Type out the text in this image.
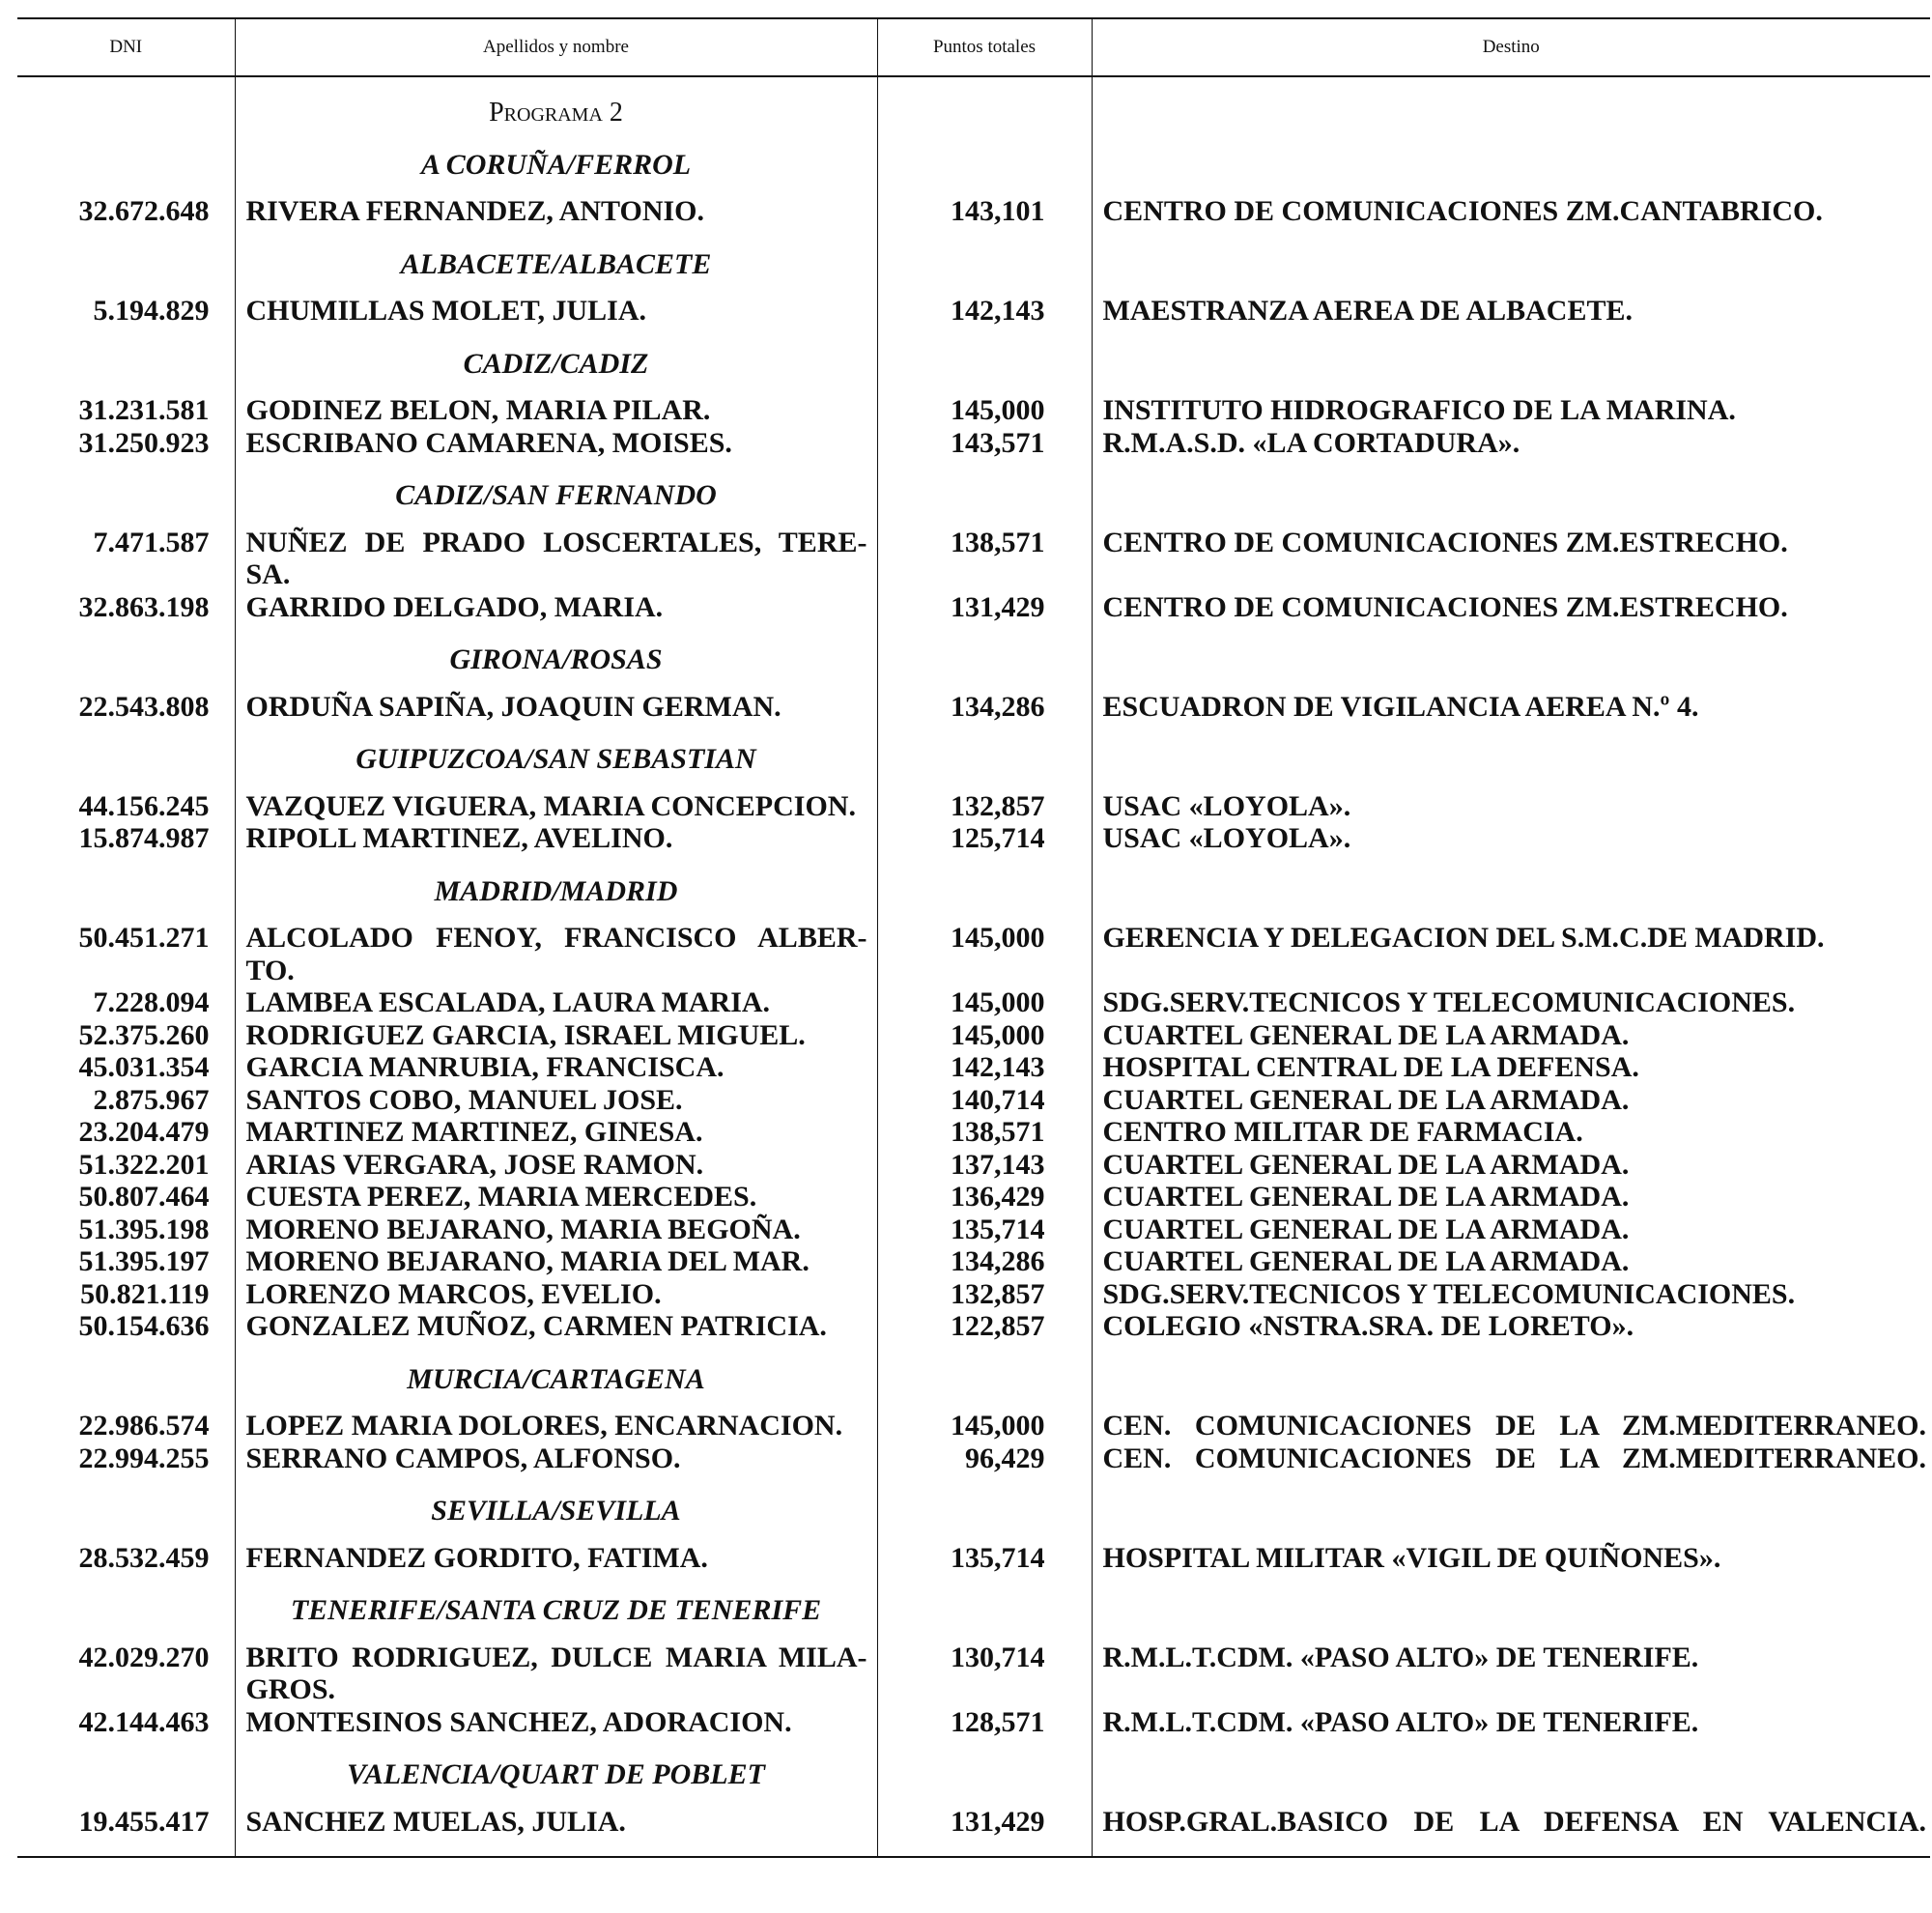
DNI	Apellidos y nombre	Puntos totales	Destino

	Programa 2		

	A CORUÑA/FERROL		

32.672.648	RIVERA FERNANDEZ, ANTONIO.	143,101	CENTRO DE COMUNICACIONES ZM.CANTABRICO.

	ALBACETE/ALBACETE		

5.194.829	CHUMILLAS MOLET, JULIA.	142,143	MAESTRANZA AEREA DE ALBACETE.

	CADIZ/CADIZ		

31.231.581	GODINEZ BELON, MARIA PILAR.	145,000	INSTITUTO HIDROGRAFICO DE LA MARINA.
31.250.923	ESCRIBANO CAMARENA, MOISES.	143,571	R.M.A.S.D. «LA CORTADURA».

	CADIZ/SAN FERNANDO		

7.471.587	NUÑEZ DE PRADO LOSCERTALES, TERE-SA.	138,571	CENTRO DE COMUNICACIONES ZM.ESTRECHO.
32.863.198	GARRIDO DELGADO, MARIA.	131,429	CENTRO DE COMUNICACIONES ZM.ESTRECHO.

	GIRONA/ROSAS		

22.543.808	ORDUÑA SAPIÑA, JOAQUIN GERMAN.	134,286	ESCUADRON DE VIGILANCIA AEREA N.º 4.

	GUIPUZCOA/SAN SEBASTIAN		

44.156.245	VAZQUEZ VIGUERA, MARIA CONCEPCION.	132,857	USAC «LOYOLA».
15.874.987	RIPOLL MARTINEZ, AVELINO.	125,714	USAC «LOYOLA».

	MADRID/MADRID		

50.451.271	ALCOLADO FENOY, FRANCISCO ALBER-TO.	145,000	GERENCIA Y DELEGACION DEL S.M.C.DE MADRID.
7.228.094	LAMBEA ESCALADA, LAURA MARIA.	145,000	SDG.SERV.TECNICOS Y TELECOMUNICACIONES.
52.375.260	RODRIGUEZ GARCIA, ISRAEL MIGUEL.	145,000	CUARTEL GENERAL DE LA ARMADA.
45.031.354	GARCIA MANRUBIA, FRANCISCA.	142,143	HOSPITAL CENTRAL DE LA DEFENSA.
2.875.967	SANTOS COBO, MANUEL JOSE.	140,714	CUARTEL GENERAL DE LA ARMADA.
23.204.479	MARTINEZ MARTINEZ, GINESA.	138,571	CENTRO MILITAR DE FARMACIA.
51.322.201	ARIAS VERGARA, JOSE RAMON.	137,143	CUARTEL GENERAL DE LA ARMADA.
50.807.464	CUESTA PEREZ, MARIA MERCEDES.	136,429	CUARTEL GENERAL DE LA ARMADA.
51.395.198	MORENO BEJARANO, MARIA BEGOÑA.	135,714	CUARTEL GENERAL DE LA ARMADA.
51.395.197	MORENO BEJARANO, MARIA DEL MAR.	134,286	CUARTEL GENERAL DE LA ARMADA.
50.821.119	LORENZO MARCOS, EVELIO.	132,857	SDG.SERV.TECNICOS Y TELECOMUNICACIONES.
50.154.636	GONZALEZ MUÑOZ, CARMEN PATRICIA.	122,857	COLEGIO «NSTRA.SRA. DE LORETO».

	MURCIA/CARTAGENA		

22.986.574	LOPEZ MARIA DOLORES, ENCARNACION.	145,000	CEN. COMUNICACIONES DE LA ZM.MEDITERRANEO.
22.994.255	SERRANO CAMPOS, ALFONSO.	96,429	CEN. COMUNICACIONES DE LA ZM.MEDITERRANEO.

	SEVILLA/SEVILLA		

28.532.459	FERNANDEZ GORDITO, FATIMA.	135,714	HOSPITAL MILITAR «VIGIL DE QUIÑONES».

	TENERIFE/SANTA CRUZ DE TENERIFE		

42.029.270	BRITO RODRIGUEZ, DULCE MARIA MILA-GROS.	130,714	R.M.L.T.CDM. «PASO ALTO» DE TENERIFE.
42.144.463	MONTESINOS SANCHEZ, ADORACION.	128,571	R.M.L.T.CDM. «PASO ALTO» DE TENERIFE.

	VALENCIA/QUART DE POBLET		

19.455.417	SANCHEZ MUELAS, JULIA.	131,429	HOSP.GRAL.BASICO DE LA DEFENSA EN VALENCIA.
